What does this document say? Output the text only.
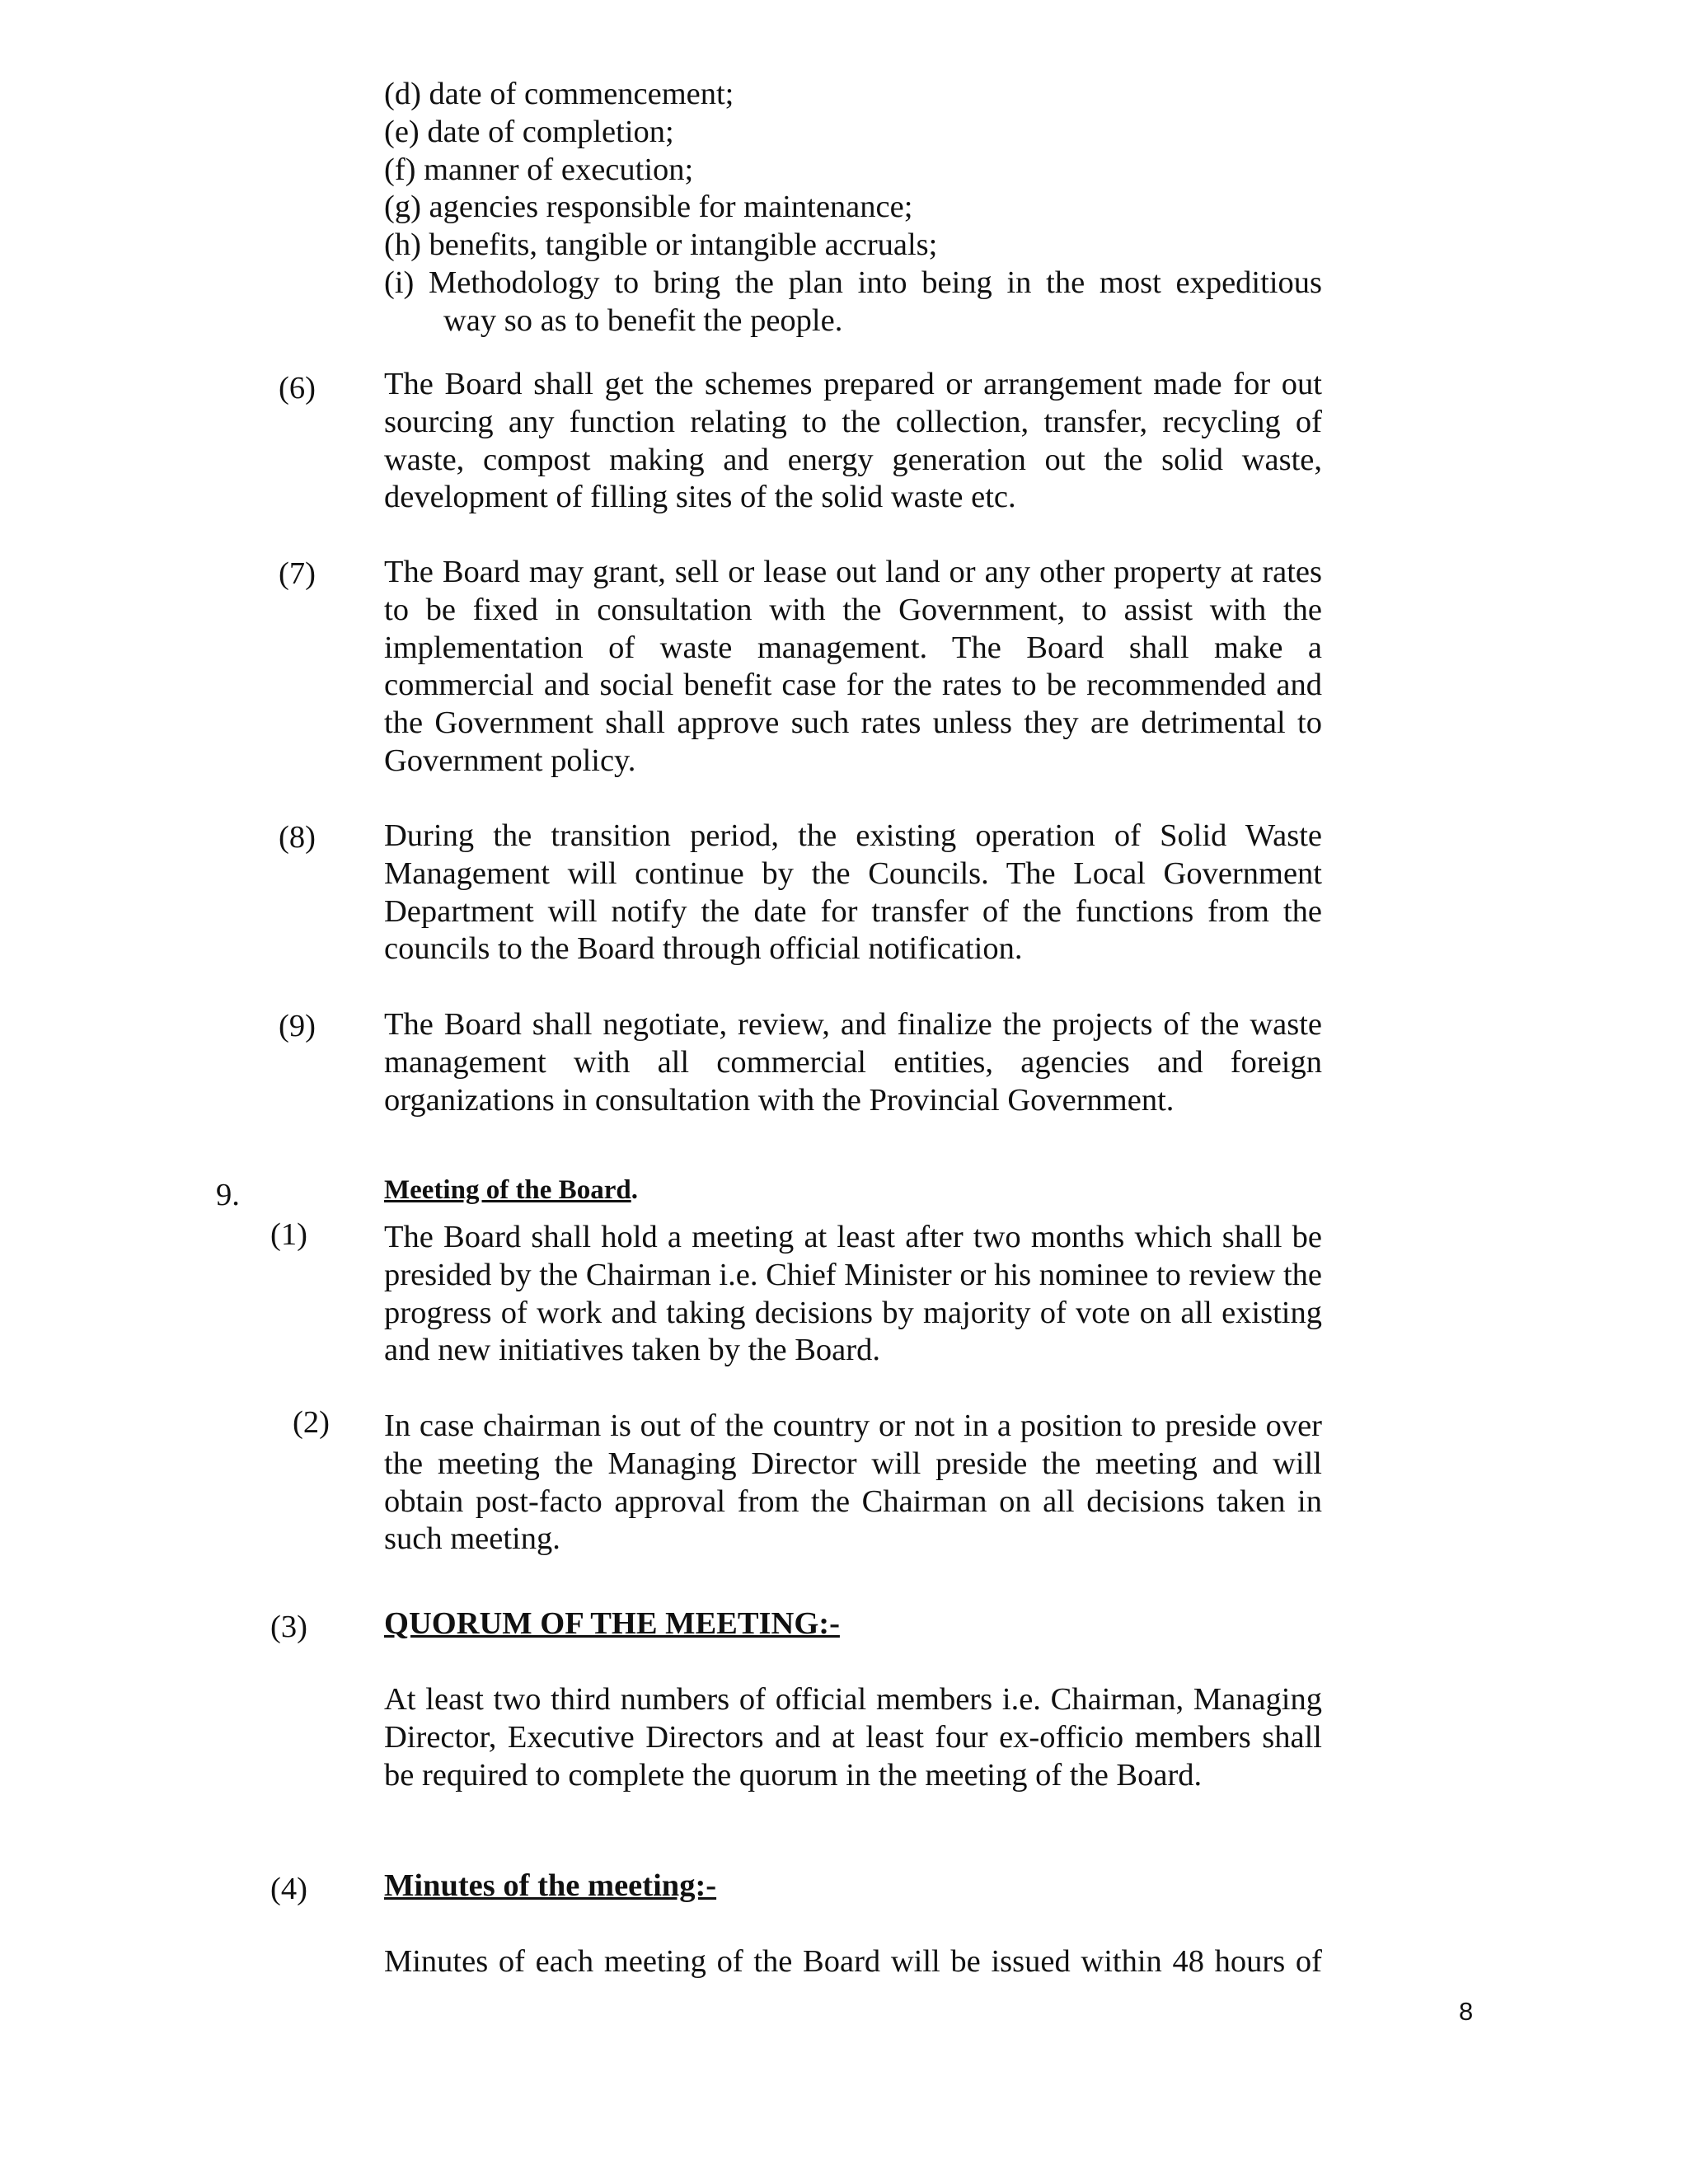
(d) date of commencement;
(e) date of completion;
(f) manner of execution;
(g) agencies responsible for maintenance;
(h) benefits, tangible or intangible accruals;
(i) Methodology to bring the plan into being in the most expeditious
way so as to benefit the people.
(6) The Board shall get the schemes prepared or arrangement made for out sourcing any function relating to the collection, transfer, recycling of waste, compost making and energy generation out the solid waste, development of filling sites of the solid waste etc.
(7) The Board may grant, sell or lease out land or any other property at rates to be fixed in consultation with the Government, to assist with the implementation of waste management. The Board shall make a commercial and social benefit case for the rates to be recommended and the Government shall approve such rates unless they are detrimental to Government policy.
(8) During the transition period, the existing operation of Solid Waste Management will continue by the Councils. The Local Government Department will notify the date for transfer of the functions from the councils to the Board through official notification.
(9) The Board shall negotiate, review, and finalize the projects of the waste management with all commercial entities, agencies and foreign organizations in consultation with the Provincial Government.
9.	Meeting of the Board.
(1) The Board shall hold a meeting at least after two months which shall be presided by the Chairman i.e. Chief Minister or his nominee to review the progress of work and taking decisions by majority of vote on all existing and new initiatives taken by the Board.
(2) In case chairman is out of the country or not in a position to preside over the meeting the Managing Director will preside the meeting and will obtain post-facto approval from the Chairman on all decisions taken in such meeting.
(3) QUORUM OF THE MEETING:-
At least two third numbers of official members i.e. Chairman, Managing Director, Executive Directors and at least four ex-officio members shall be required to complete the quorum in the meeting of the Board.
(4) Minutes of the meeting:-
Minutes of each meeting of the Board will be issued within 48 hours of
8
